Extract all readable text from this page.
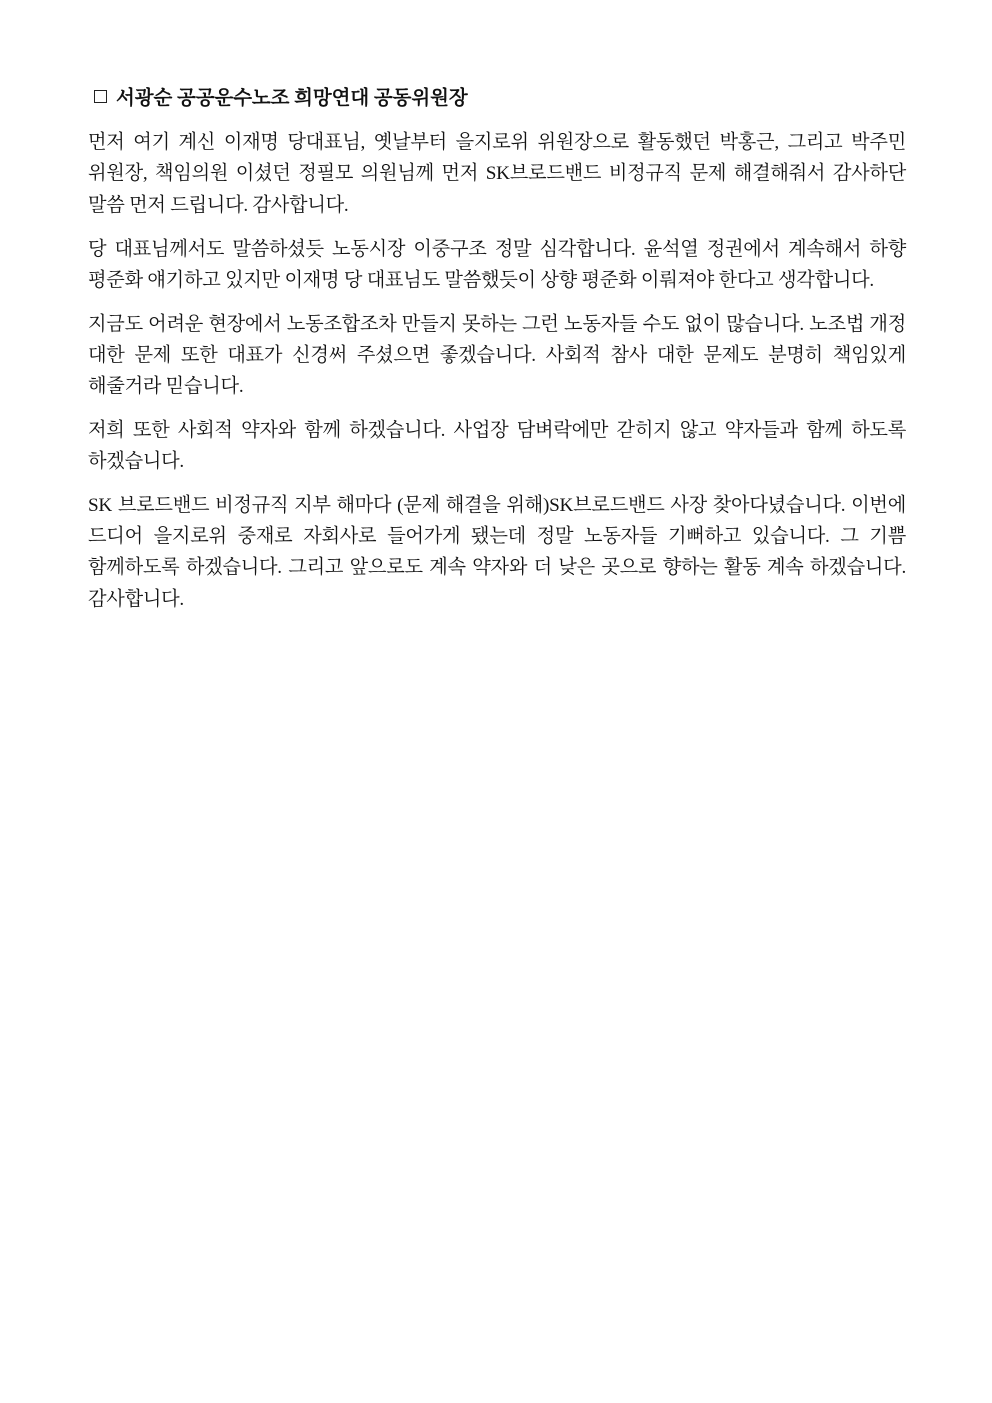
서광순 공공운수노조 희망연대 공동위원장

먼저 여기 계신 이재명 당대표님, 옛날부터 을지로위 위원장으로 활동했던 박홍근, 그리고 박주민 위원장, 책임의원 이셨던 정필모 의원님께 먼저 SK브로드밴드 비정규직 문제 해결해줘서 감사하단 말씀 먼저 드립니다. 감사합니다.

당 대표님께서도 말씀하셨듯 노동시장 이중구조 정말 심각합니다. 윤석열 정권에서 계속해서 하향 평준화 얘기하고 있지만 이재명 당 대표님도 말씀했듯이 상향 평준화 이뤄져야 한다고 생각합니다.

지금도 어려운 현장에서 노동조합조차 만들지 못하는 그런 노동자들 수도 없이 많습니다. 노조법 개정 대한 문제 또한 대표가 신경써 주셨으면 좋겠습니다. 사회적 참사 대한 문제도 분명히 책임있게 해줄거라 믿습니다.

저희 또한 사회적 약자와 함께 하겠습니다. 사업장 담벼락에만 갇히지 않고 약자들과 함께 하도록 하겠습니다.

SK 브로드밴드 비정규직 지부 해마다 (문제 해결을 위해)SK브로드밴드 사장 찾아다녔습니다. 이번에 드디어 을지로위 중재로 자회사로 들어가게 됐는데 정말 노동자들 기뻐하고 있습니다. 그 기쁨 함께하도록 하겠습니다. 그리고 앞으로도 계속 약자와 더 낮은 곳으로 향하는 활동 계속 하겠습니다. 감사합니다.
